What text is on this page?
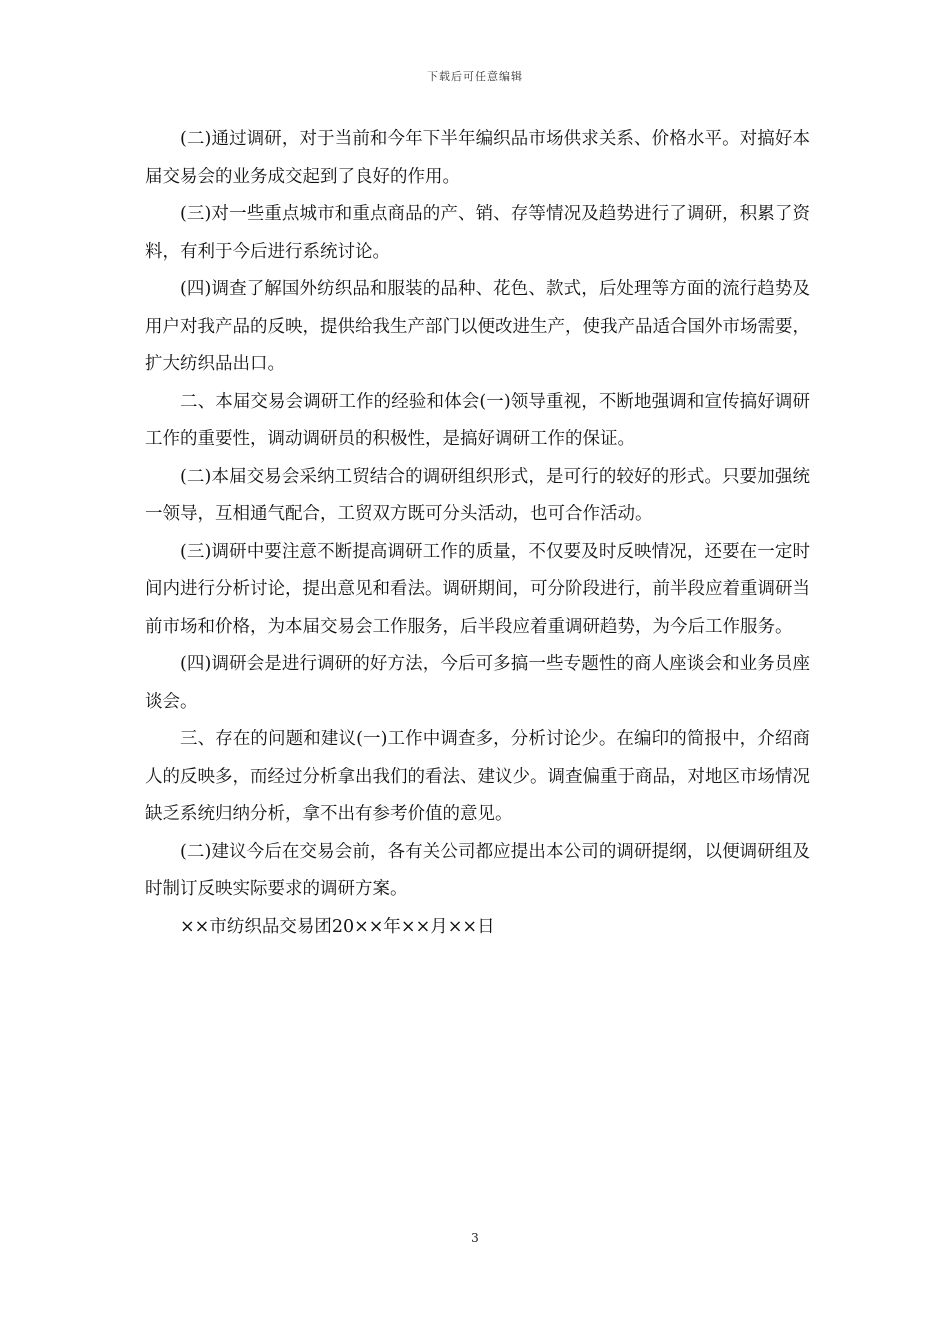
下载后可任意编辑

(二)通过调研，对于当前和今年下半年编织品市场供求关系、价格水平。对搞好本届交易会的业务成交起到了良好的作用。

(三)对一些重点城市和重点商品的产、销、存等情况及趋势进行了调研，积累了资料，有利于今后进行系统讨论。

(四)调查了解国外纺织品和服装的品种、花色、款式，后处理等方面的流行趋势及用户对我产品的反映，提供给我生产部门以便改进生产，使我产品适合国外市场需要，扩大纺织品出口。

二、本届交易会调研工作的经验和体会(一)领导重视，不断地强调和宣传搞好调研工作的重要性，调动调研员的积极性，是搞好调研工作的保证。

(二)本届交易会采纳工贸结合的调研组织形式，是可行的较好的形式。只要加强统一领导，互相通气配合，工贸双方既可分头活动，也可合作活动。

(三)调研中要注意不断提高调研工作的质量，不仅要及时反映情况，还要在一定时间内进行分析讨论，提出意见和看法。调研期间，可分阶段进行，前半段应着重调研当前市场和价格，为本届交易会工作服务，后半段应着重调研趋势，为今后工作服务。

(四)调研会是进行调研的好方法，今后可多搞一些专题性的商人座谈会和业务员座谈会。

三、存在的问题和建议(一)工作中调查多，分析讨论少。在编印的简报中，介绍商人的反映多，而经过分析拿出我们的看法、建议少。调查偏重于商品，对地区市场情况缺乏系统归纳分析，拿不出有参考价值的意见。

(二)建议今后在交易会前，各有关公司都应提出本公司的调研提纲，以便调研组及时制订反映实际要求的调研方案。

××市纺织品交易团20××年××月××日

3
